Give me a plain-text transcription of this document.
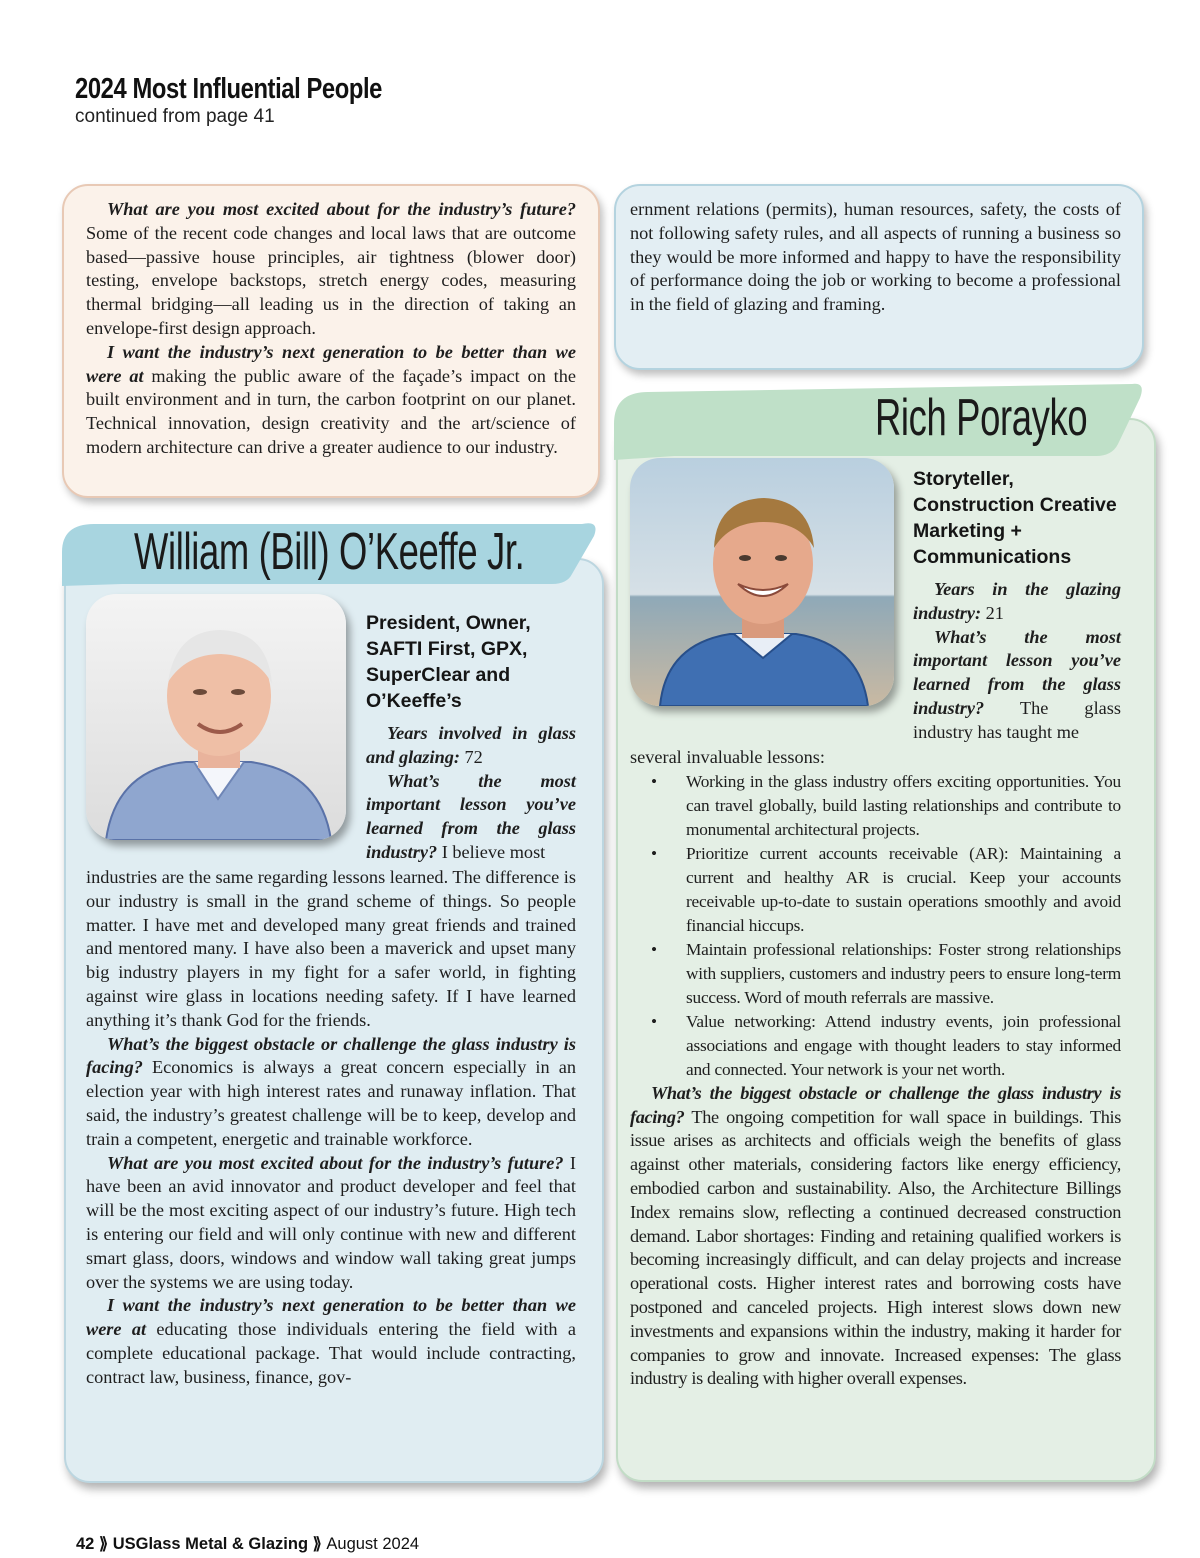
2024 Most Influential People
continued from page 41

What are you most excited about for the industry’s future? Some of the recent code changes and local laws that are outcome based—passive house principles, air tightness (blower door) testing, envelope backstops, stretch energy codes, measuring thermal bridging—all leading us in the direction of taking an envelope-first design approach.

I want the industry’s next generation to be better than we were at making the public aware of the façade’s impact on the built environment and in turn, the carbon footprint on our planet. Technical innovation, design creativity and the art/science of modern architecture can drive a greater audience to our industry.

ernment relations (permits), human resources, safety, the costs of not following safety rules, and all aspects of running a business so they would be more informed and happy to have the responsibility of performance doing the job or working to become a professional in the field of glazing and framing.

William (Bill) O’Keeffe Jr.
President, Owner, SAFTI First, GPX, SuperClear and O’Keeffe’s

Years involved in glass and glazing: 72

What’s the most important lesson you’ve learned from the glass industry? I believe most

industries are the same regarding lessons learned. The difference is our industry is small in the grand scheme of things. So people matter. I have met and developed many great friends and trained and mentored many. I have also been a maverick and upset many big industry players in my fight for a safer world, in fighting against wire glass in locations needing safety. If I have learned anything it’s thank God for the friends.

What’s the biggest obstacle or challenge the glass industry is facing? Economics is always a great concern especially in an election year with high interest rates and runaway inflation. That said, the industry’s greatest challenge will be to keep, develop and train a competent, energetic and trainable workforce.

What are you most excited about for the industry’s future? I have been an avid innovator and product developer and feel that will be the most exciting aspect of our industry’s future. High tech is entering our field and will only continue with new and different smart glass, doors, windows and window wall taking great jumps over the systems we are using today.

I want the industry’s next generation to be better than we were at educating those individuals entering the field with a complete educational package. That would include contracting, contract law, business, finance, gov-

Rich Porayko
Storyteller, Construction Creative Marketing + Communications

Years in the glazing industry: 21

What’s the most important lesson you’ve learned from the glass industry? The glass industry has taught me

several invaluable lessons:

• Working in the glass industry offers exciting opportunities. You can travel globally, build lasting relationships and contribute to monumental architectural projects.
• Prioritize current accounts receivable (AR): Maintaining a current and healthy AR is crucial. Keep your accounts receivable up-to-date to sustain operations smoothly and avoid financial hiccups.
• Maintain professional relationships: Foster strong relationships with suppliers, customers and industry peers to ensure long-term success. Word of mouth referrals are massive.
• Value networking: Attend industry events, join professional associations and engage with thought leaders to stay informed and connected. Your network is your net worth.

What’s the biggest obstacle or challenge the glass industry is facing? The ongoing competition for wall space in buildings. This issue arises as architects and officials weigh the benefits of glass against other materials, considering factors like energy efficiency, embodied carbon and sustainability. Also, the Architecture Billings Index remains slow, reflecting a continued decreased construction demand. Labor shortages: Finding and retaining qualified workers is becoming increasingly difficult, and can delay projects and increase operational costs. Higher interest rates and borrowing costs have postponed and canceled projects. High interest slows down new investments and expansions within the industry, making it harder for companies to grow and innovate. Increased expenses: The glass industry is dealing with higher overall expenses.

42 ⟫ USGlass Metal & Glazing ⟫ August 2024
